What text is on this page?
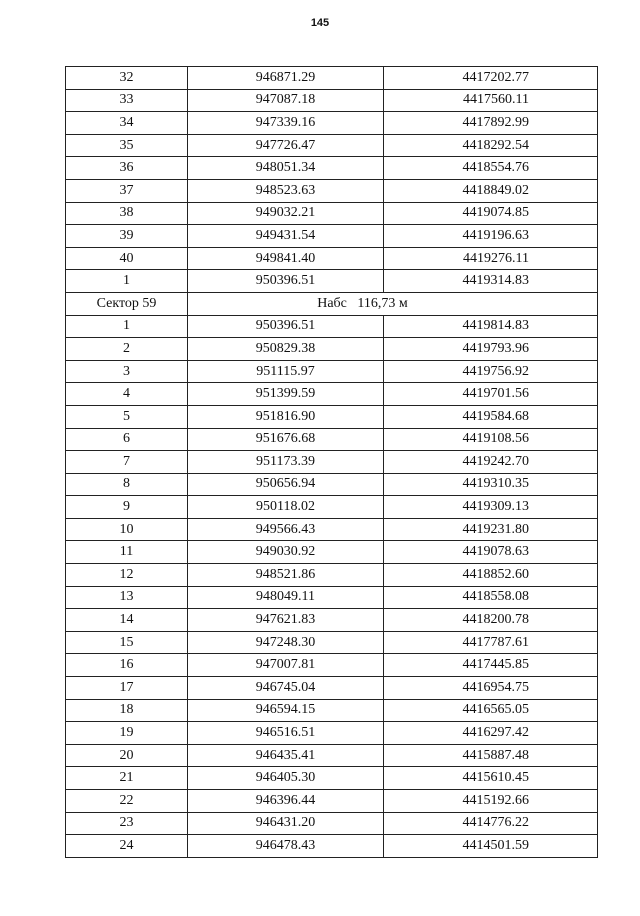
145
32	946871.29	4417202.77
33	947087.18	4417560.11
34	947339.16	4417892.99
35	947726.47	4418292.54
36	948051.34	4418554.76
37	948523.63	4418849.02
38	949032.21	4419074.85
39	949431.54	4419196.63
40	949841.40	4419276.11
1	950396.51	4419314.83
Сектор 59	Набс 116,73 м	
1	950396.51	4419814.83
2	950829.38	4419793.96
3	951115.97	4419756.92
4	951399.59	4419701.56
5	951816.90	4419584.68
6	951676.68	4419108.56
7	951173.39	4419242.70
8	950656.94	4419310.35
9	950118.02	4419309.13
10	949566.43	4419231.80
11	949030.92	4419078.63
12	948521.86	4418852.60
13	948049.11	4418558.08
14	947621.83	4418200.78
15	947248.30	4417787.61
16	947007.81	4417445.85
17	946745.04	4416954.75
18	946594.15	4416565.05
19	946516.51	4416297.42
20	946435.41	4415887.48
21	946405.30	4415610.45
22	946396.44	4415192.66
23	946431.20	4414776.22
24	946478.43	4414501.59
